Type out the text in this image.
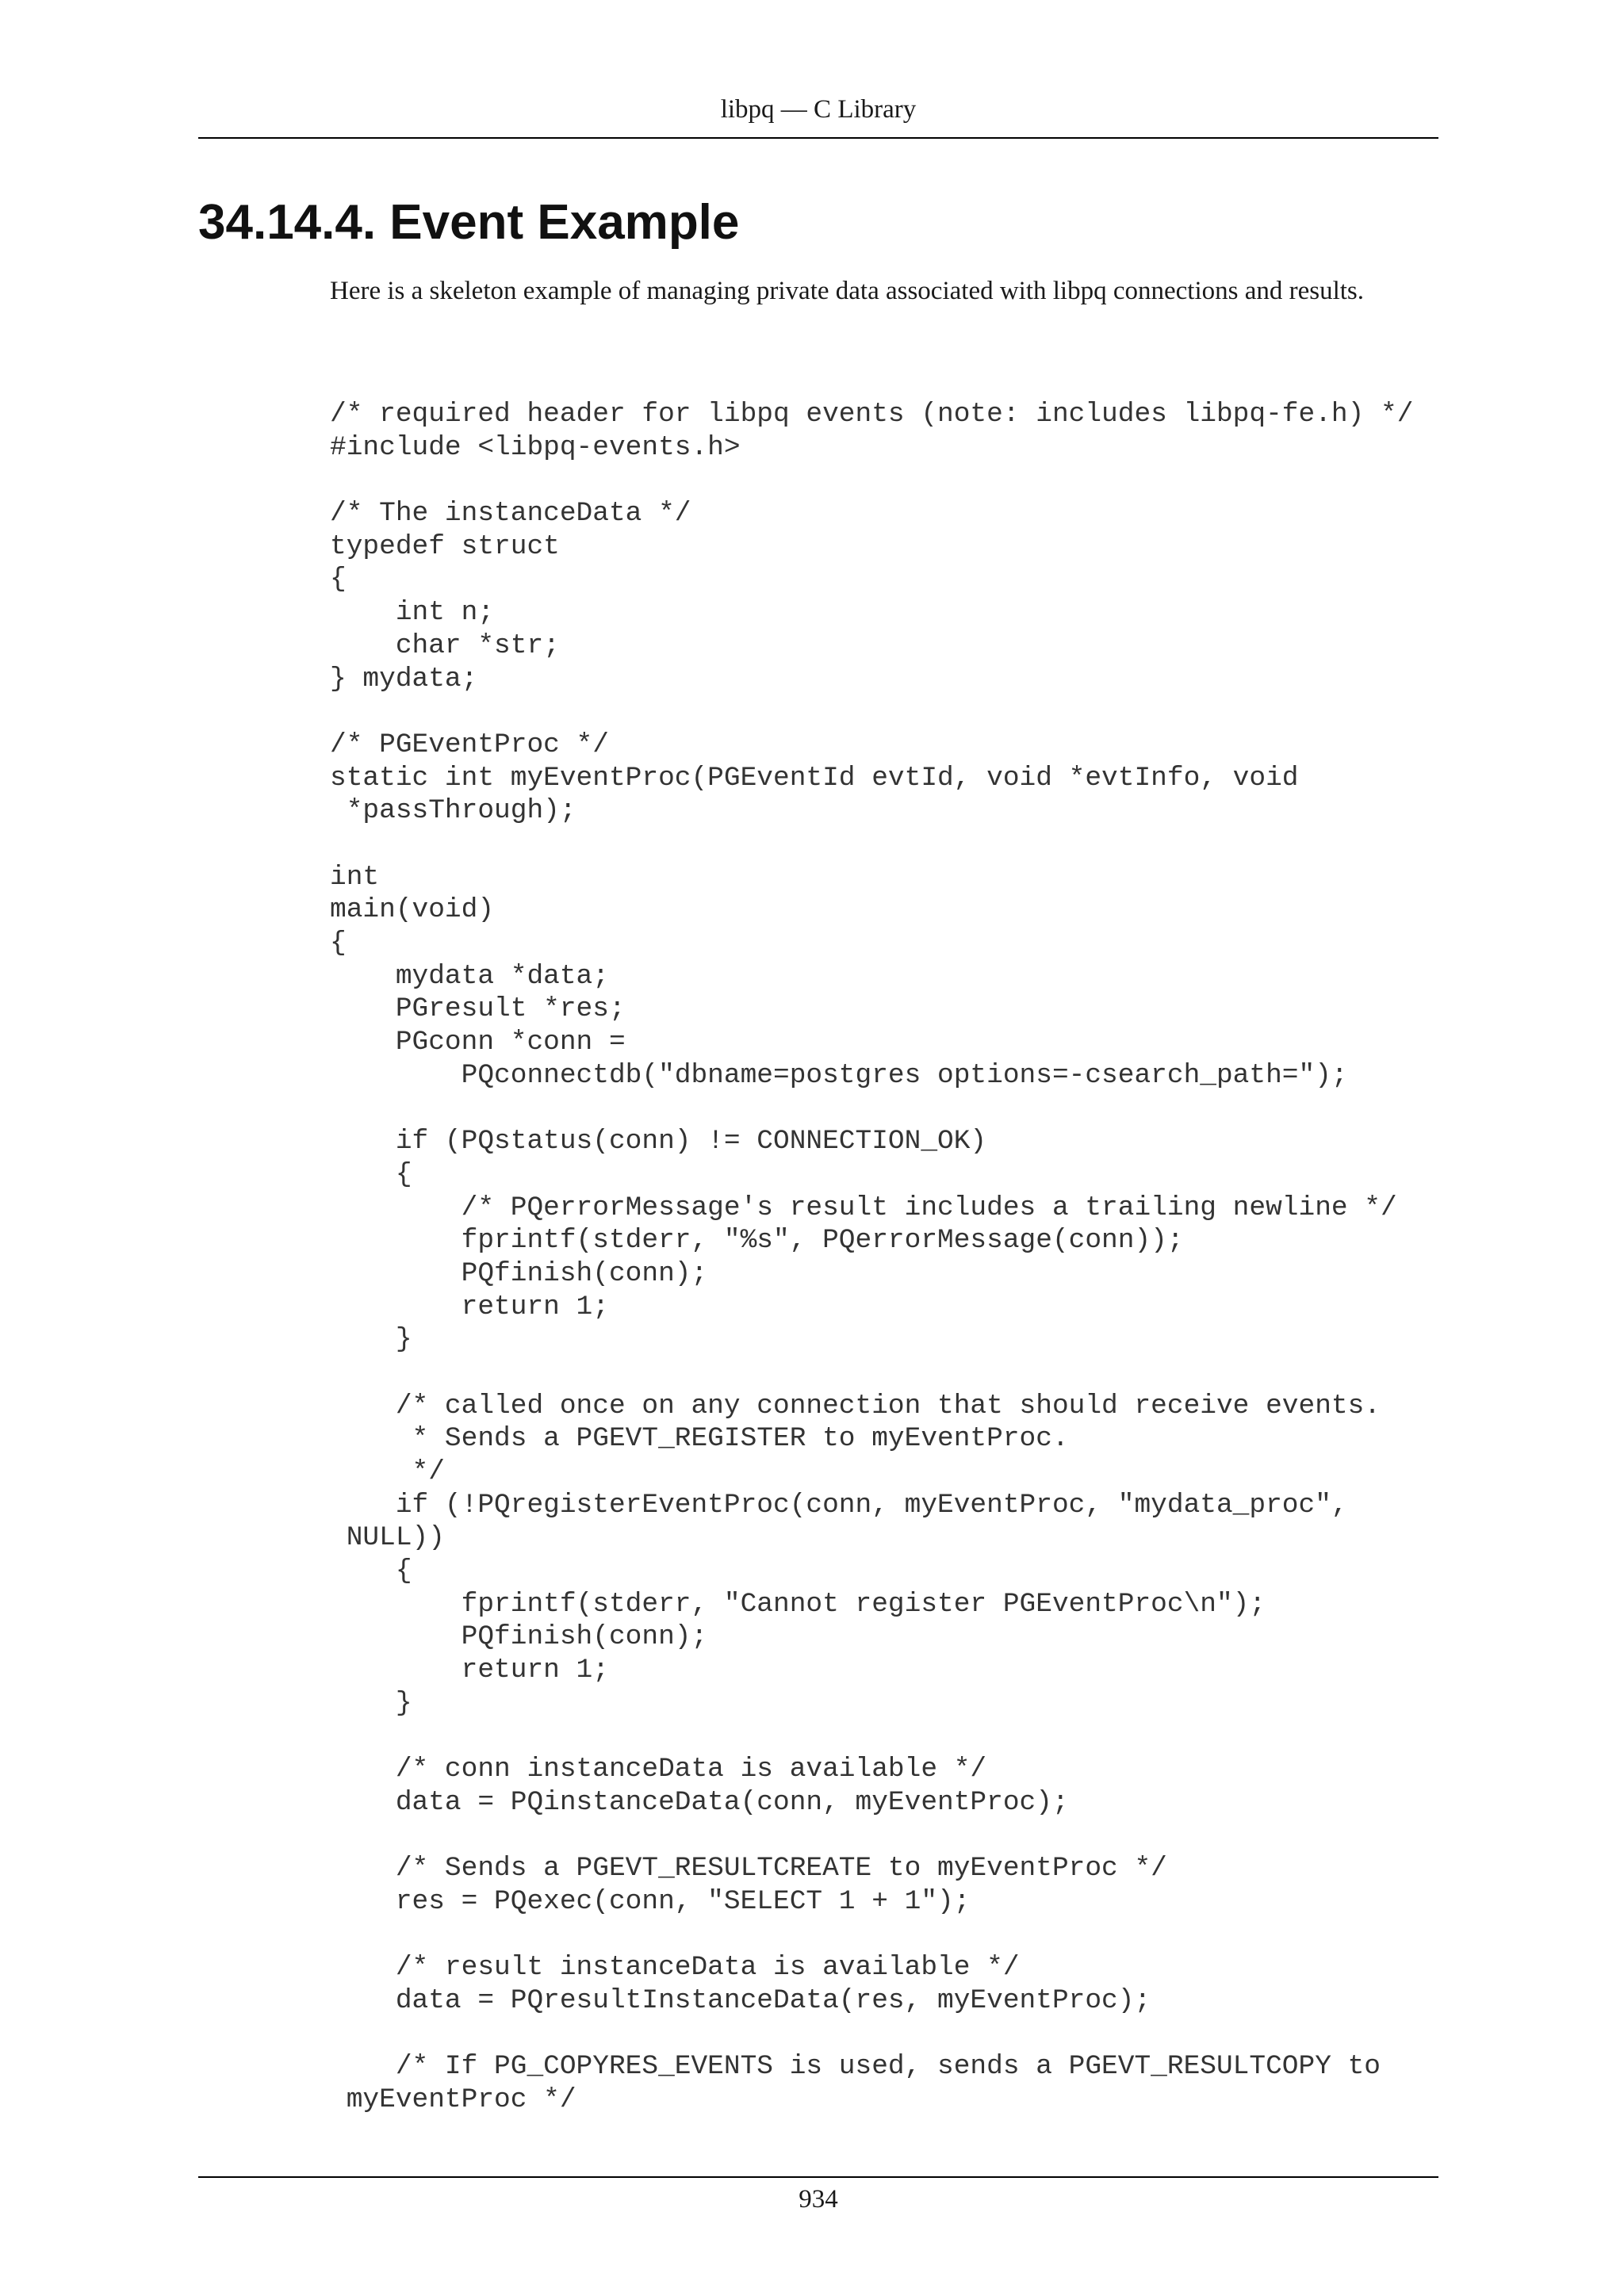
libpq — C Library
34.14.4. Event Example

Here is a skeleton example of managing private data associated with libpq connections and results.

/* required header for libpq events (note: includes libpq-fe.h) */
#include <libpq-events.h>
/* The instanceData */
typedef struct
{
int n;
char *str;
} mydata;
/* PGEventProc */
static int myEventProc(PGEventId evtId, void *evtInfo, void
*passThrough);
int
main(void)
{
mydata *data;
PGresult *res;
PGconn *conn =
PQconnectdb("dbname=postgres options=-csearch_path=");
if (PQstatus(conn) != CONNECTION_OK)
{
/* PQerrorMessage's result includes a trailing newline */
fprintf(stderr, "%s", PQerrorMessage(conn));
PQfinish(conn);
return 1;
}
/* called once on any connection that should receive events.
* Sends a PGEVT_REGISTER to myEventProc.
*/
if (!PQregisterEventProc(conn, myEventProc, "mydata_proc",
NULL))
{
fprintf(stderr, "Cannot register PGEventProc\n");
PQfinish(conn);
return 1;
}
/* conn instanceData is available */
data = PQinstanceData(conn, myEventProc);
/* Sends a PGEVT_RESULTCREATE to myEventProc */
res = PQexec(conn, "SELECT 1 + 1");
/* result instanceData is available */
data = PQresultInstanceData(res, myEventProc);
/* If PG_COPYRES_EVENTS is used, sends a PGEVT_RESULTCOPY to
myEventProc */
934
